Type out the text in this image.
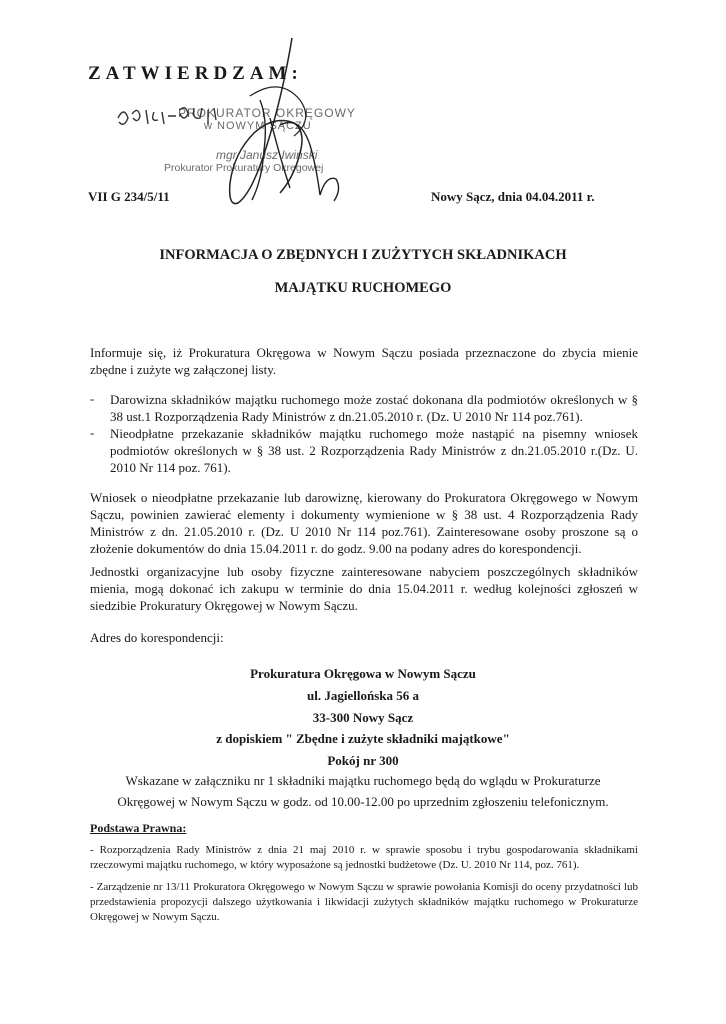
ZATWIERDZAM:
PROKURATOR OKRĘGOWY
w NOWYM SĄCZU
mgr Janusz Iwiński
Prokurator Prokuratury Okręgowej
VII G 234/5/11	Nowy Sącz, dnia 04.04.2011 r.
INFORMACJA O ZBĘDNYCH I ZUŻYTYCH SKŁADNIKACH
MAJĄTKU RUCHOMEGO
Informuje się, iż Prokuratura Okręgowa w Nowym Sączu posiada przeznaczone do zbycia mienie zbędne i zużyte wg załączonej listy.
- Darowizna składników majątku ruchomego może zostać dokonana dla podmiotów określonych w § 38 ust.1 Rozporządzenia Rady Ministrów z dn.21.05.2010 r. (Dz. U 2010 Nr 114 poz.761).
- Nieodpłatne przekazanie składników majątku ruchomego może nastąpić na pisemny wniosek podmiotów określonych w § 38 ust. 2 Rozporządzenia Rady Ministrów z dn.21.05.2010 r.(Dz. U. 2010 Nr 114 poz. 761).
Wniosek o nieodpłatne przekazanie lub darowiznę, kierowany do Prokuratora Okręgowego w Nowym Sączu, powinien zawierać elementy i dokumenty wymienione w § 38 ust. 4 Rozporządzenia Rady Ministrów z dn. 21.05.2010 r. (Dz. U 2010 Nr 114 poz.761). Zainteresowane osoby proszone są o złożenie dokumentów do dnia 15.04.2011 r. do godz. 9.00 na podany adres do korespondencji.
Jednostki organizacyjne lub osoby fizyczne zainteresowane nabyciem poszczególnych składników mienia, mogą dokonać ich zakupu w terminie do dnia 15.04.2011 r. według kolejności zgłoszeń w siedzibie Prokuratury Okręgowej w Nowym Sączu.
Adres do korespondencji:
Prokuratura Okręgowa w Nowym Sączu
ul. Jagiellońska 56 a
33-300 Nowy Sącz
z dopiskiem " Zbędne i zużyte składniki majątkowe"
Pokój nr 300
Wskazane w załączniku nr 1 składniki majątku ruchomego będą do wglądu w Prokuraturze
Okręgowej w Nowym Sączu w godz. od 10.00-12.00 po uprzednim zgłoszeniu telefonicznym.
Podstawa Prawna:
- Rozporządzenia Rady Ministrów z dnia 21 maj 2010 r. w sprawie sposobu i trybu gospodarowania składnikami rzeczowymi majątku ruchomego, w który wyposażone są jednostki budżetowe (Dz. U. 2010 Nr 114, poz. 761).
- Zarządzenie nr 13/11 Prokuratora Okręgowego w Nowym Sączu w sprawie powołania Komisji do oceny przydatności lub przedstawienia propozycji dalszego użytkowania i likwidacji zużytych składników majątku ruchomego w Prokuraturze Okręgowej w Nowym Sączu.
